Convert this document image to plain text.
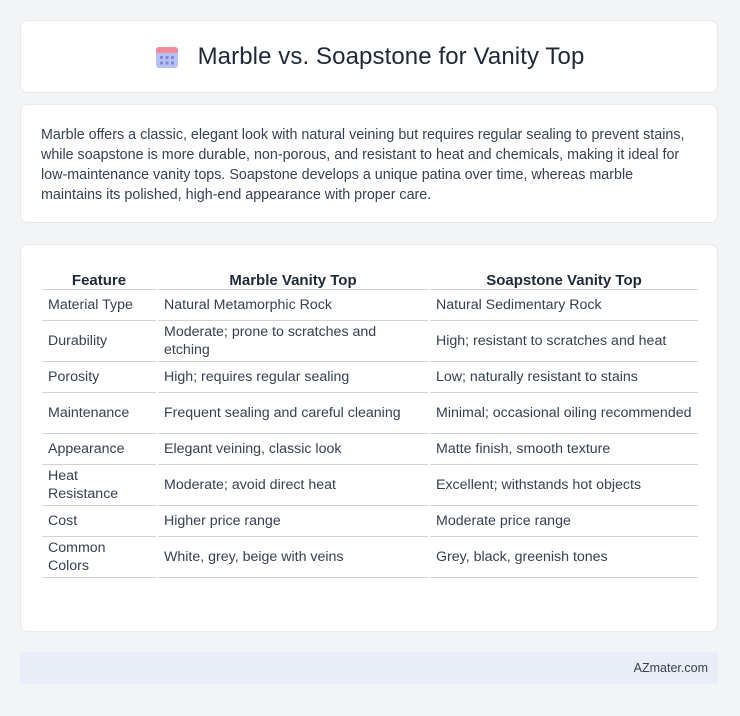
Marble vs. Soapstone for Vanity Top

Marble offers a classic, elegant look with natural veining but requires regular sealing to prevent stains, while soapstone is more durable, non-porous, and resistant to heat and chemicals, making it ideal for low-maintenance vanity tops. Soapstone develops a unique patina over time, whereas marble maintains its polished, high-end appearance with proper care.

Feature	Marble Vanity Top	Soapstone Vanity Top
Material Type	Natural Metamorphic Rock	Natural Sedimentary Rock
Durability	Moderate; prone to scratches and etching	High; resistant to scratches and heat
Porosity	High; requires regular sealing	Low; naturally resistant to stains
Maintenance	Frequent sealing and careful cleaning	Minimal; occasional oiling recommended
Appearance	Elegant veining, classic look	Matte finish, smooth texture
Heat Resistance	Moderate; avoid direct heat	Excellent; withstands hot objects
Cost	Higher price range	Moderate price range
Common Colors	White, grey, beige with veins	Grey, black, greenish tones
AZmater.com
